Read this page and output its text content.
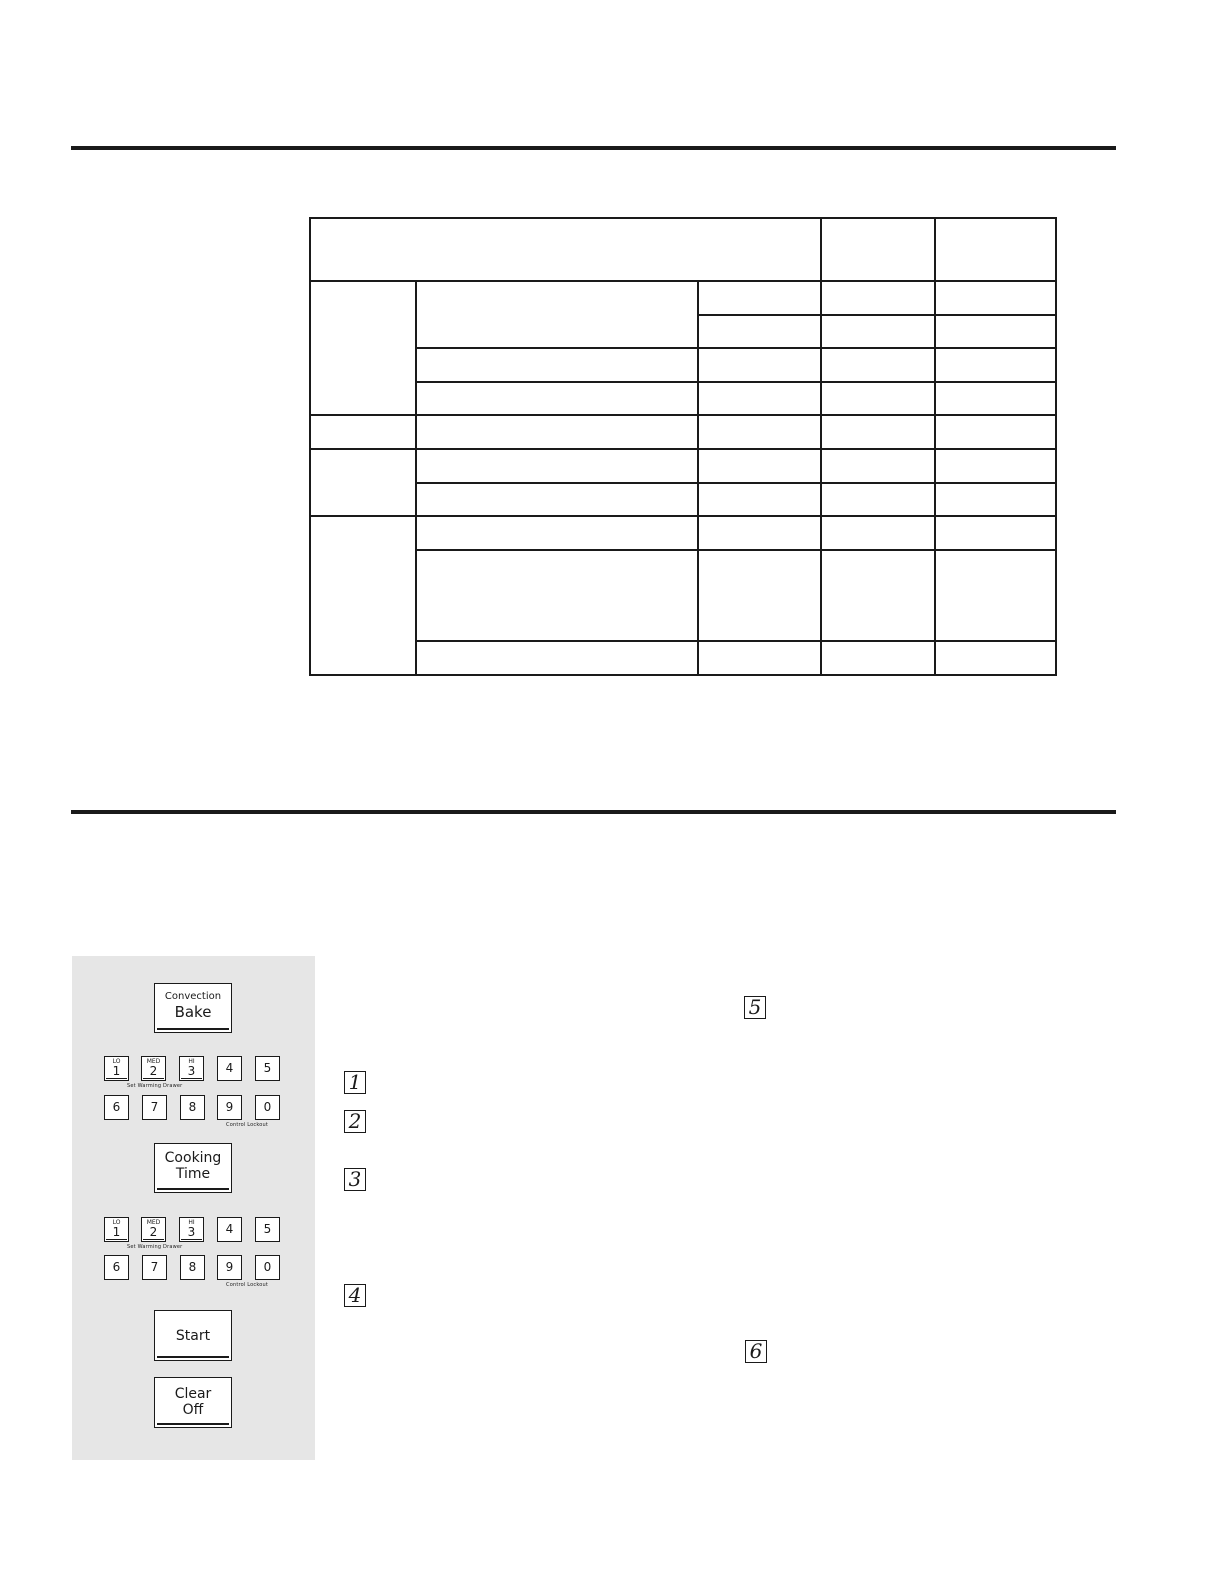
Convection
Bake
LO
1
MED
2
HI
3	4	5
Set Warming Drawer
6	7	8	9	0
Control Lockout
Cooking
Time
LO
1
MED
2
HI
3	4	5
Set Warming Drawer
6	7	8	9	0
Control Lockout
Start
Clear
Off
1
2
3
4
5
6
